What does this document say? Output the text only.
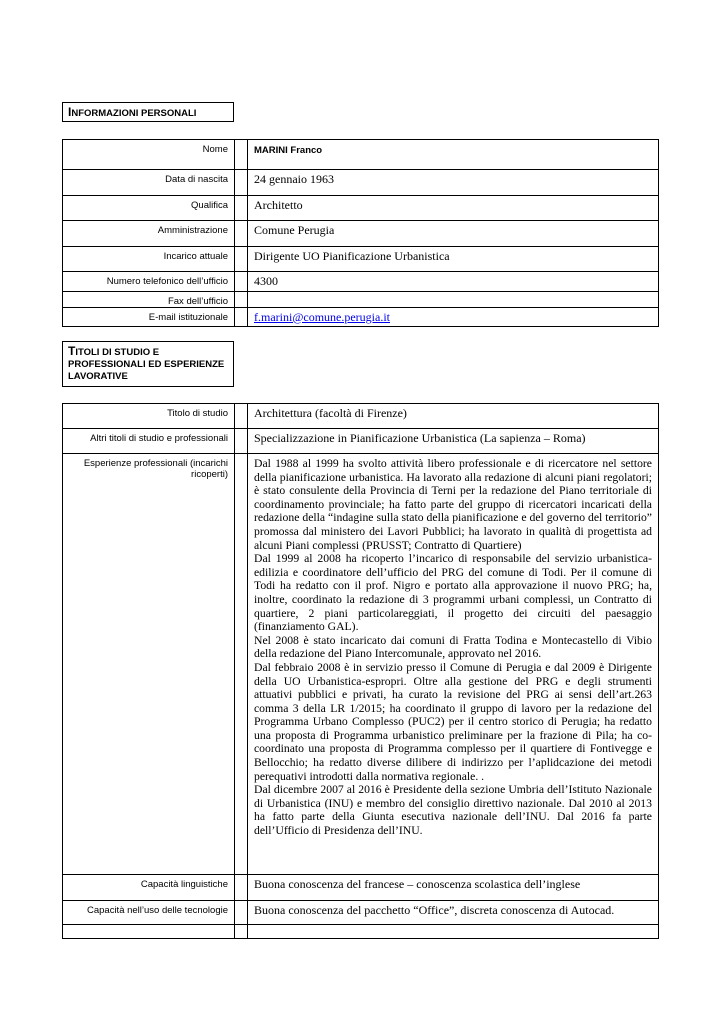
INFORMAZIONI PERSONALI
Nome		MARINI Franco
Data di nascita		24 gennaio 1963
Qualifica		Architetto
Amministrazione		Comune Perugia
Incarico attuale		Dirigente UO Pianificazione Urbanistica
Numero telefonico dell’ufficio		4300
Fax dell’ufficio		
E-mail istituzionale		f.marini@comune.perugia.it
TITOLI DI STUDIO E PROFESSIONALI ED ESPERIENZE LAVORATIVE
Titolo di studio		Architettura (facoltà di Firenze)
Altri titoli di studio e professionali		Specializzazione in Pianificazione Urbanistica (La sapienza – Roma)
Esperienze professionali (incarichi ricoperti)		Dal 1988 al 1999 ha svolto attività libero professionale e di ricercatore nel settore della pianificazione urbanistica. Ha lavorato alla redazione di alcuni piani regolatori; è stato consulente della Provincia di Terni per la redazione del Piano territoriale di coordinamento provinciale; ha fatto parte del gruppo di ricercatori incaricati della redazione della “indagine sulla stato della pianificazione e del governo del territorio” promossa dal ministero dei Lavori Pubblici; ha lavorato in qualità di progettista ad alcuni Piani complessi (PRUSST; Contratto di Quartiere)

Dal 1999 al 2008 ha ricoperto l’incarico di responsabile del servizio urbanistica-edilizia e coordinatore dell’ufficio del PRG del comune di Todi. Per il comune di Todi ha redatto con il prof. Nigro e portato alla approvazione il nuovo PRG; ha, inoltre, coordinato la redazione di 3 programmi urbani complessi, un Contratto di quartiere, 2 piani particolareggiati, il progetto dei circuiti del paesaggio (finanziamento GAL).

Nel 2008 è stato incaricato dai comuni di Fratta Todina e Montecastello di Vibio della redazione del Piano Intercomunale, approvato nel 2016.

Dal febbraio 2008 è in servizio presso il Comune di Perugia e dal 2009 è Dirigente della UO Urbanistica-espropri. Oltre alla gestione del PRG e degli strumenti attuativi pubblici e privati, ha curato la revisione del PRG ai sensi dell’art.263 comma 3 della LR 1/2015; ha coordinato il gruppo di lavoro per la redazione del Programma Urbano Complesso (PUC2) per il centro storico di Perugia; ha redatto una proposta di Programma urbanistico preliminare per la frazione di Pila; ha co-coordinato una proposta di Programma complesso per il quartiere di Fontivegge e Bellocchio; ha redatto diverse dilibere di indirizzo per l’aplidcazione dei metodi perequativi introdotti dalla normativa regionale. .

Dal dicembre 2007 al 2016 è Presidente della sezione Umbria dell’Istituto Nazionale di Urbanistica (INU) e membro del consiglio direttivo nazionale. Dal 2010 al 2013 ha fatto parte della Giunta esecutiva nazionale dell’INU. Dal 2016 fa parte dell’Ufficio di Presidenza dell’INU.

Capacità linguistiche		Buona conoscenza del francese – conoscenza scolastica dell’inglese
Capacità nell’uso delle tecnologie		Buona conoscenza del pacchetto “Office”, discreta conoscenza di Autocad.
